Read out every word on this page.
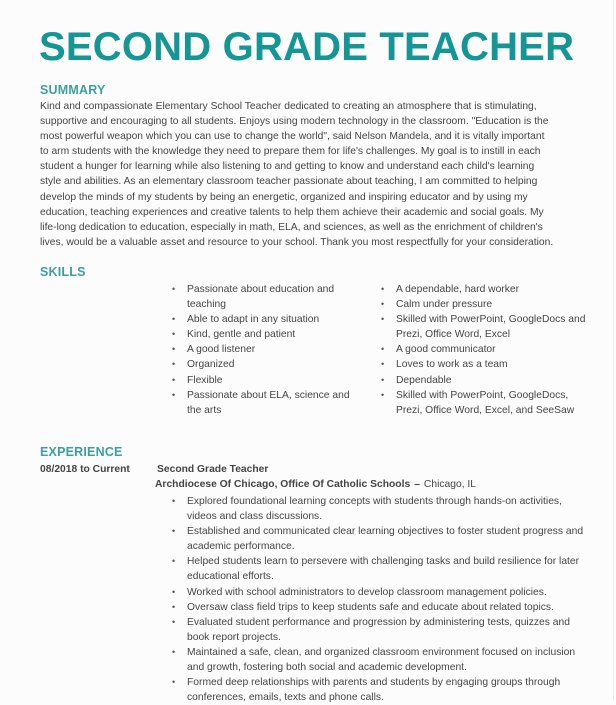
SECOND GRADE TEACHER
SUMMARY

Kind and compassionate Elementary School Teacher dedicated to creating an atmosphere that is stimulating,
supportive and encouraging to all students. Enjoys using modern technology in the classroom. "Education is the
most powerful weapon which you can use to change the world", said Nelson Mandela, and it is vitally important
to arm students with the knowledge they need to prepare them for life's challenges. My goal is to instill in each
student a hunger for learning while also listening to and getting to know and understand each child's learning
style and abilities. As an elementary classroom teacher passionate about teaching, I am committed to helping
develop the minds of my students by being an energetic, organized and inspiring educator and by using my
education, teaching experiences and creative talents to help them achieve their academic and social goals. My
life-long dedication to education, especially in math, ELA, and sciences, as well as the enrichment of children's
lives, would be a valuable asset and resource to your school. Thank you most respectfully for your consideration.

SKILLS
• Passionate about education and teaching
• Able to adapt in any situation
• Kind, gentle and patient
• A good listener
• Organized
• Flexible
• Passionate about ELA, science and the arts
• A dependable, hard worker
• Calm under pressure
• Skilled with PowerPoint, GoogleDocs and Prezi, Office Word, Excel
• A good communicator
• Loves to work as a team
• Dependable
• Skilled with PowerPoint, GoogleDocs, Prezi, Office Word, Excel, and SeeSaw
EXPERIENCE
08/2018 to Current	Second Grade Teacher
Archdiocese Of Chicago, Office Of Catholic Schools – Chicago, IL
• Explored foundational learning concepts with students through hands-on activities, videos and class discussions.
• Established and communicated clear learning objectives to foster student progress and academic performance.
• Helped students learn to persevere with challenging tasks and build resilience for later educational efforts.
• Worked with school administrators to develop classroom management policies.
• Oversaw class field trips to keep students safe and educate about related topics.
• Evaluated student performance and progression by administering tests, quizzes and book report projects.
• Maintained a safe, clean, and organized classroom environment focused on inclusion and growth, fostering both social and academic development.
• Formed deep relationships with parents and students by engaging groups through conferences, emails, texts and phone calls.
